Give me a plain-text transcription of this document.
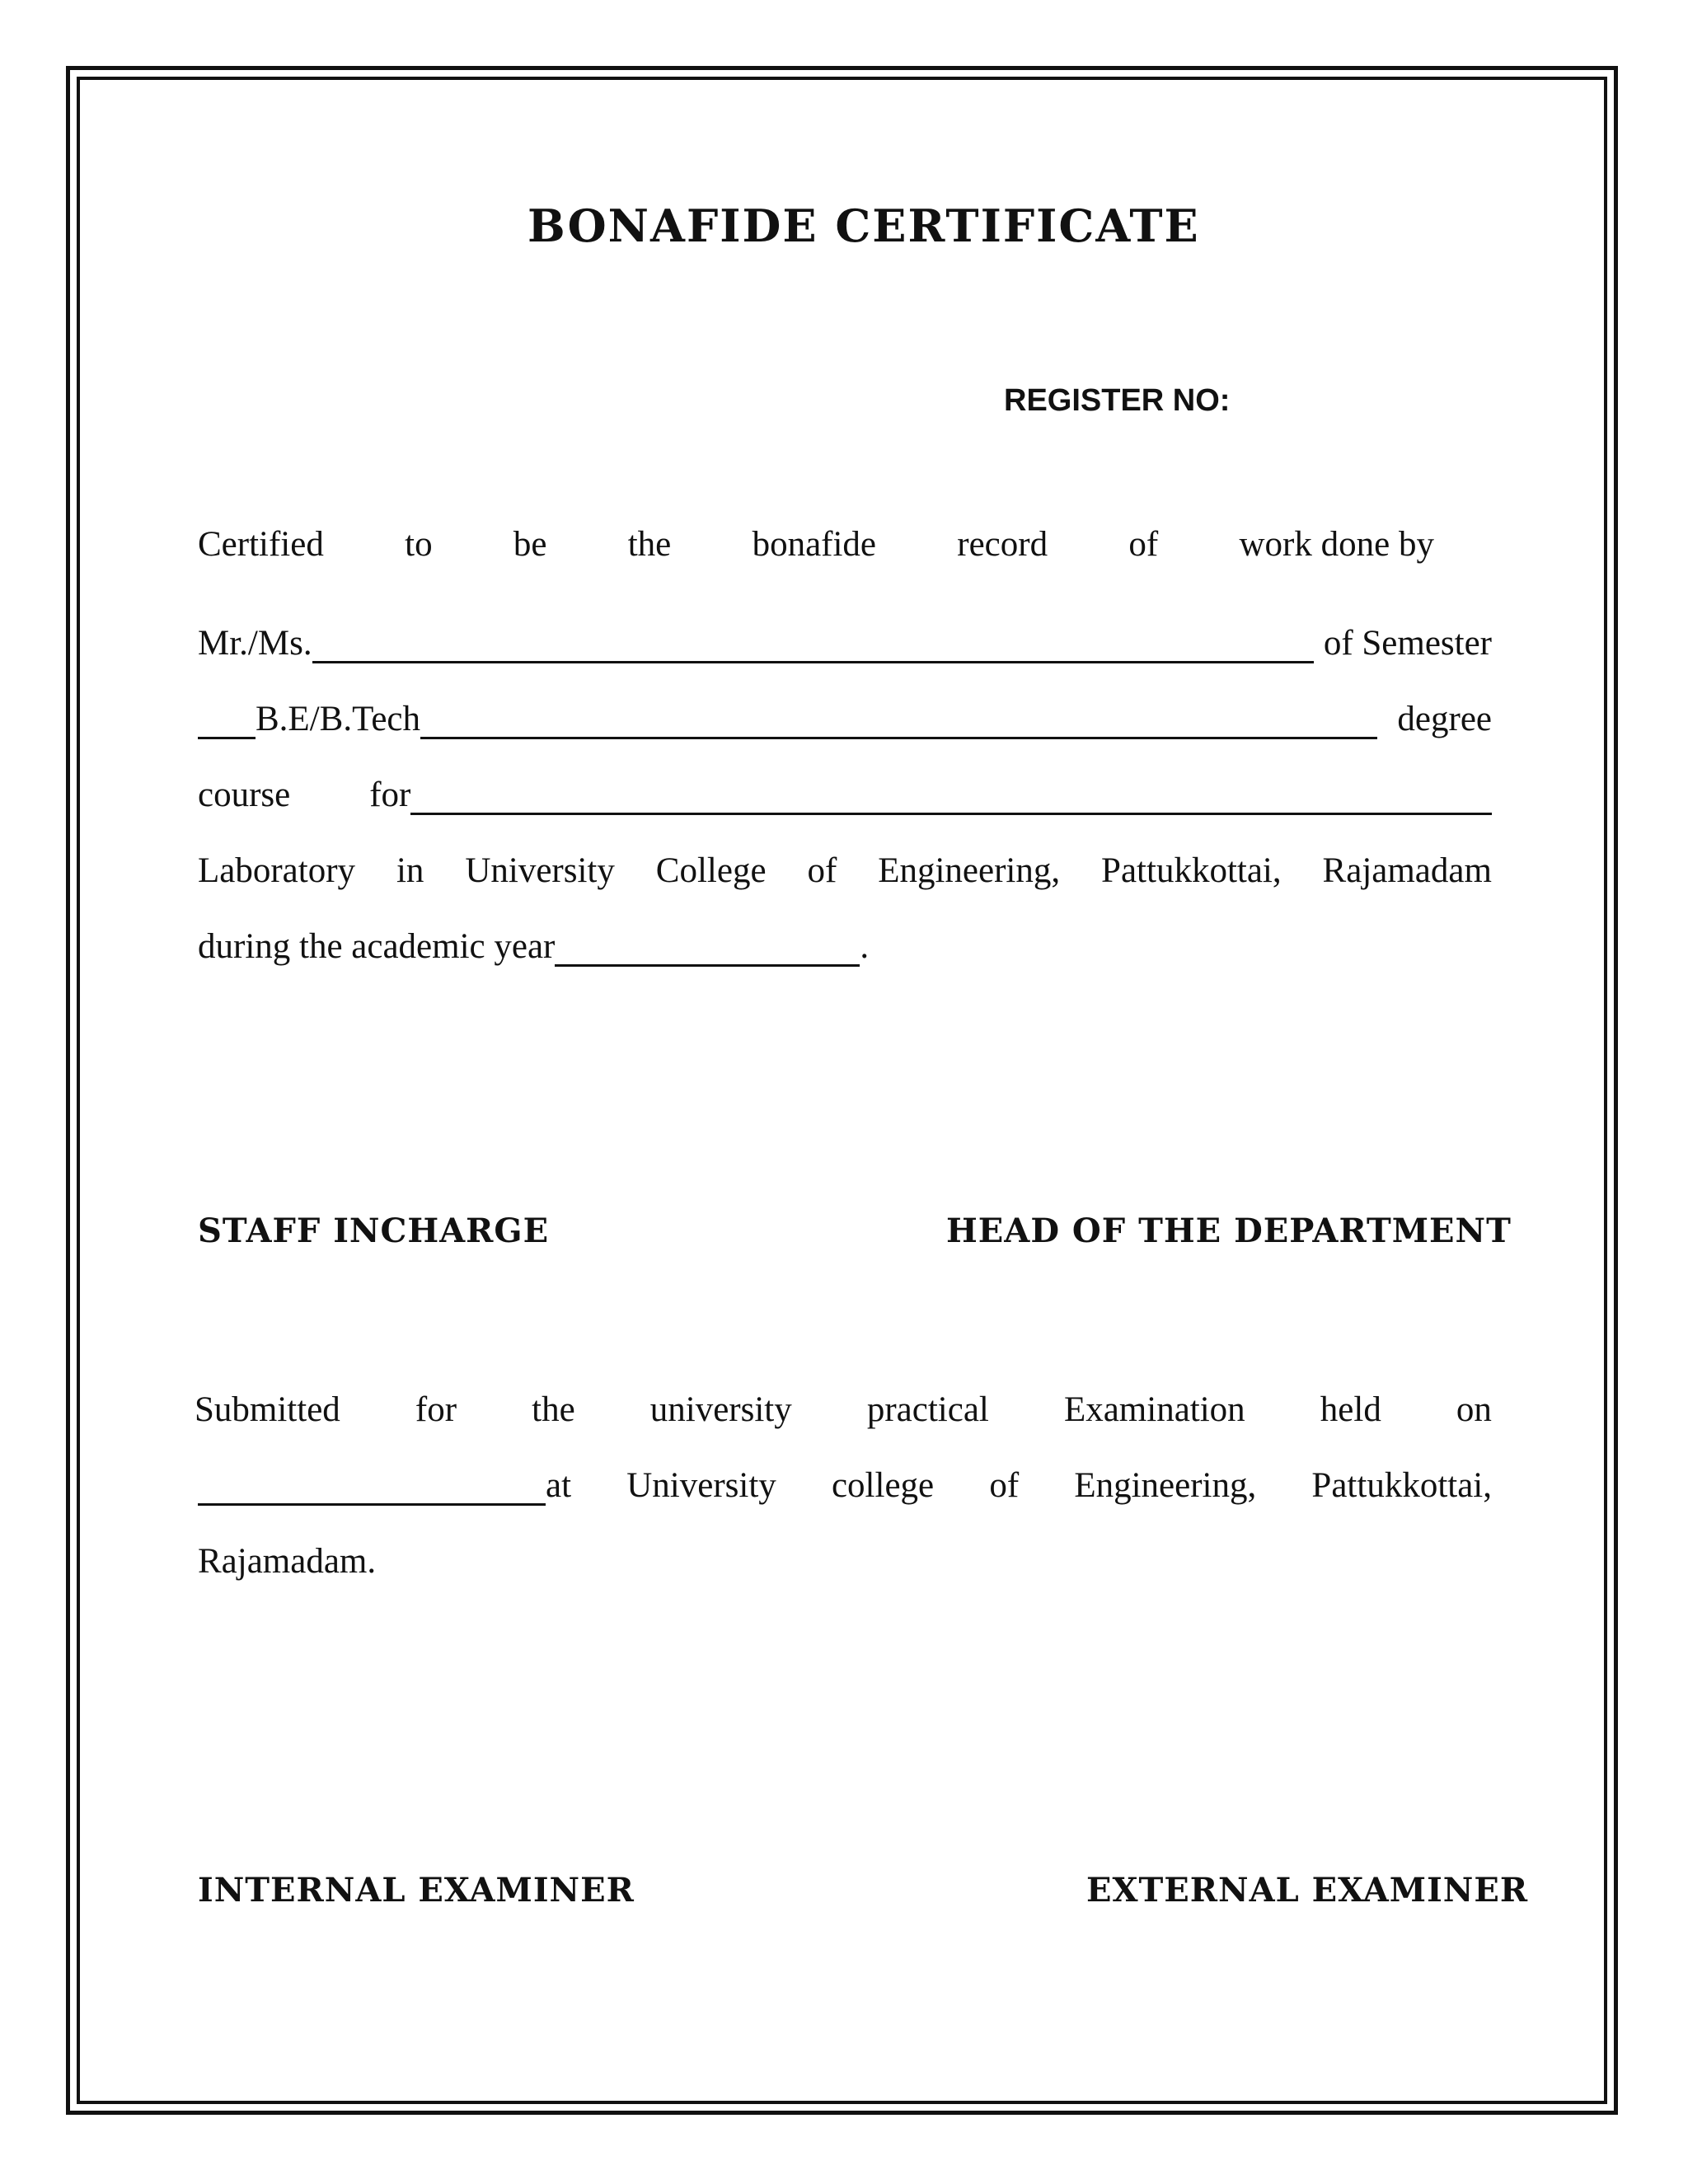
BONAFIDE CERTIFICATE
REGISTER NO:
Certified to be the bonafide record of work done by
Mr./Ms.	of Semester
B.E/B.Tech	degree
course for
Laboratory in University College of Engineering, Pattukkottai, Rajamadam
during the academic year	.
STAFF INCHARGE	HEAD OF THE DEPARTMENT
Submitted for the university practical Examination held on
at University college of Engineering, Pattukkottai,
Rajamadam.
INTERNAL EXAMINER	EXTERNAL EXAMINER
